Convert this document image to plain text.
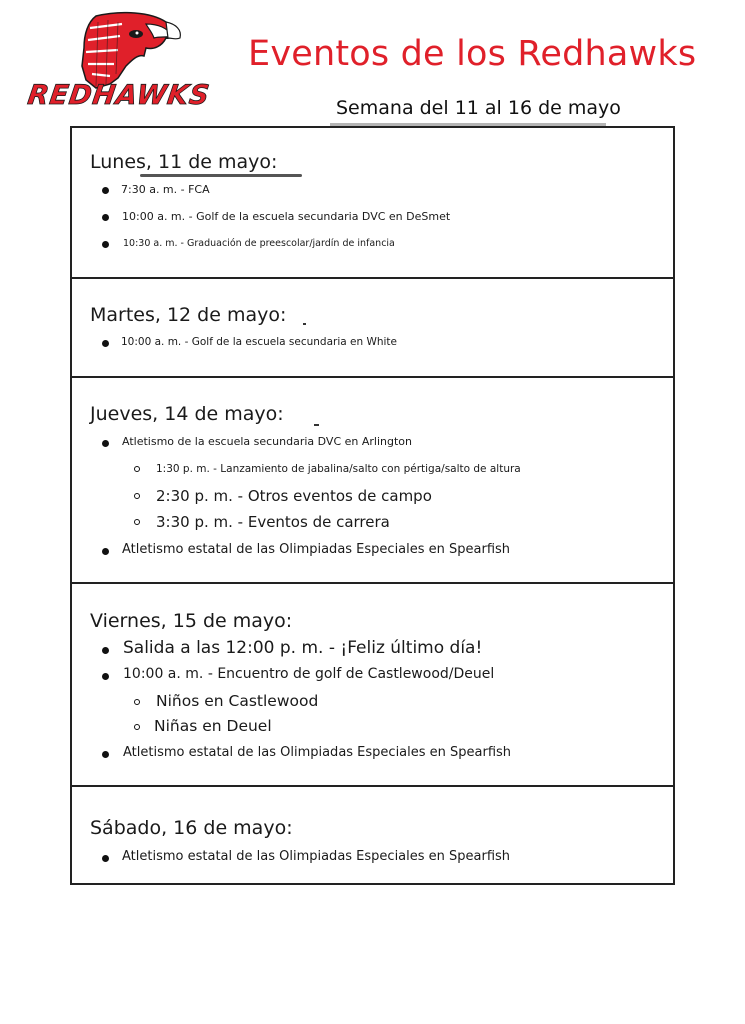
REDHAWKS
Eventos de los Redhawks
Semana del 11 al 16 de mayo
Lunes, 11 de mayo:
7:30 a. m. - FCA
10:00 a. m. - Golf de la escuela secundaria DVC en DeSmet
10:30 a. m. - Graduación de preescolar/jardín de infancia
Martes, 12 de mayo:
10:00 a. m. - Golf de la escuela secundaria en White
Jueves, 14 de mayo:
Atletismo de la escuela secundaria DVC en Arlington
1:30 p. m. - Lanzamiento de jabalina/salto con pértiga/salto de altura
2:30 p. m. - Otros eventos de campo
3:30 p. m. - Eventos de carrera
Atletismo estatal de las Olimpiadas Especiales en Spearfish
Viernes, 15 de mayo:
Salida a las 12:00 p. m. - ¡Feliz último día!
10:00 a. m. - Encuentro de golf de Castlewood/Deuel
Niños en Castlewood
Niñas en Deuel
Atletismo estatal de las Olimpiadas Especiales en Spearfish
Sábado, 16 de mayo:
Atletismo estatal de las Olimpiadas Especiales en Spearfish
